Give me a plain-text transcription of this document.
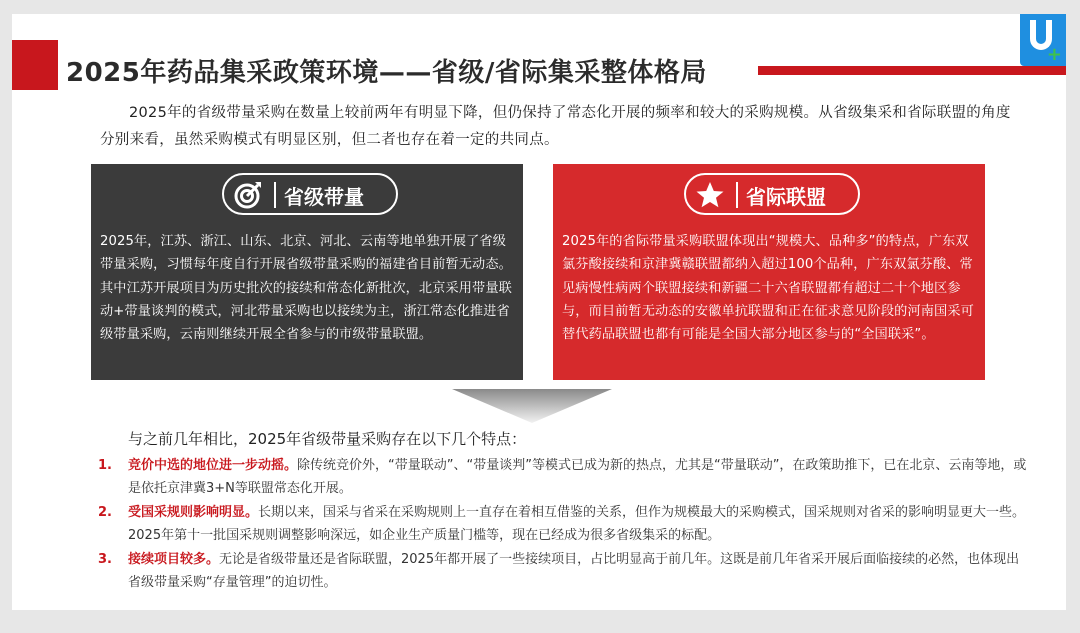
2025年药品集采政策环境——省级/省际集采整体格局
+
2025年的省级带量采购在数量上较前两年有明显下降，但仍保持了常态化开展的频率和较大的采购规模。从省级集采和省际联盟的角度分别来看，虽然采购模式有明显区别，但二者也存在着一定的共同点。
省级带量
2025年，江苏、浙江、山东、北京、河北、云南等地单独开展了省级带量采购，习惯每年度自行开展省级带量采购的福建省目前暂无动态。其中江苏开展项目为历史批次的接续和常态化新批次，北京采用带量联动+带量谈判的模式，河北带量采购也以接续为主，浙江常态化推进省级带量采购，云南则继续开展全省参与的市级带量联盟。
省际联盟
2025年的省际带量采购联盟体现出“规模大、品种多”的特点，广东双氯芬酸接续和京津冀赣联盟都纳入超过100个品种，广东双氯芬酸、常见病慢性病两个联盟接续和新疆二十六省联盟都有超过二十个地区参与，而目前暂无动态的安徽单抗联盟和正在征求意见阶段的河南国采可替代药品联盟也都有可能是全国大部分地区参与的“全国联采”。
与之前几年相比，2025年省级带量采购存在以下几个特点：
1. 竞价中选的地位进一步动摇。除传统竞价外，“带量联动”、“带量谈判”等模式已成为新的热点，尤其是“带量联动”，在政策助推下，已在北京、云南等地，或是依托京津冀3+N等联盟常态化开展。
2. 受国采规则影响明显。长期以来，国采与省采在采购规则上一直存在着相互借鉴的关系，但作为规模最大的采购模式，国采规则对省采的影响明显更大一些。2025年第十一批国采规则调整影响深远，如企业生产质量门槛等，现在已经成为很多省级集采的标配。
3. 接续项目较多。无论是省级带量还是省际联盟，2025年都开展了一些接续项目，占比明显高于前几年。这既是前几年省采开展后面临接续的必然，也体现出省级带量采购“存量管理”的迫切性。
